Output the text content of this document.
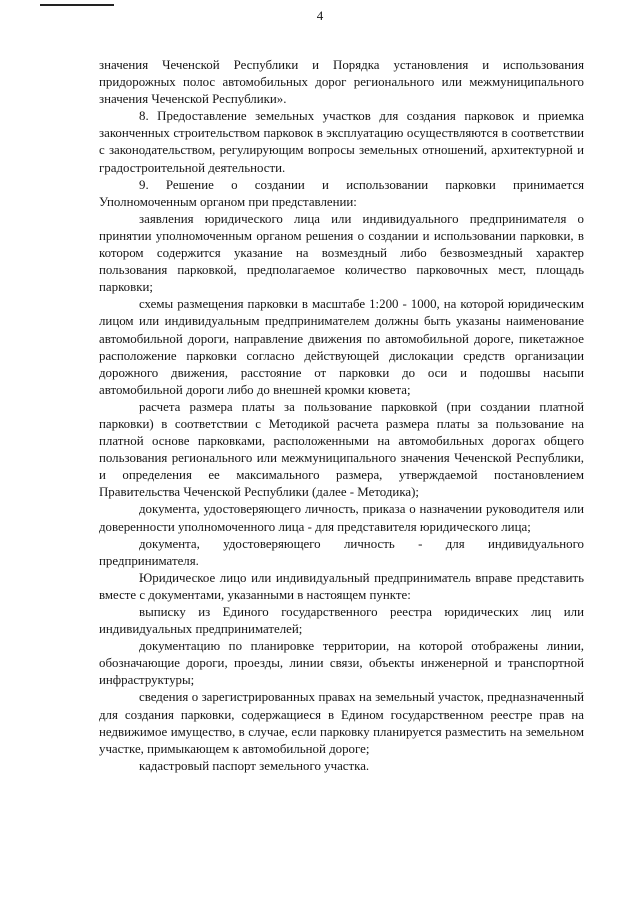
4

значения Чеченской Республики и Порядка установления и использования придорожных полос автомобильных дорог регионального или межмуниципального значения Чеченской Республики».

8. Предоставление земельных участков для создания парковок и приемка законченных строительством парковок в эксплуатацию осуществляются в соответствии с законодательством, регулирующим вопросы земельных отношений, архитектурной и градостроительной деятельности.

9. Решение о создании и использовании парковки принимается Уполномоченным органом при представлении:

заявления юридического лица или индивидуального предпринимателя о принятии уполномоченным органом решения о создании и использовании парковки, в котором содержится указание на возмездный либо безвозмездный характер пользования парковкой, предполагаемое количество парковочных мест, площадь парковки;

схемы размещения парковки в масштабе 1:200 - 1000, на которой юридическим лицом или индивидуальным предпринимателем должны быть указаны наименование автомобильной дороги, направление движения по автомобильной дороге, пикетажное расположение парковки согласно действующей дислокации средств организации дорожного движения, расстояние от парковки до оси и подошвы насыпи автомобильной дороги либо до внешней кромки кювета;

расчета размера платы за пользование парковкой (при создании платной парковки) в соответствии с Методикой расчета размера платы за пользование на платной основе парковками, расположенными на автомобильных дорогах общего пользования регионального или межмуниципального значения Чеченской Республики, и определения ее максимального размера, утверждаемой постановлением Правительства Чеченской Республики (далее - Методика);

документа, удостоверяющего личность, приказа о назначении руководителя или доверенности уполномоченного лица - для представителя юридического лица;

документа, удостоверяющего личность - для индивидуального предпринимателя.

Юридическое лицо или индивидуальный предприниматель вправе представить вместе с документами, указанными в настоящем пункте:

выписку из Единого государственного реестра юридических лиц или индивидуальных предпринимателей;

документацию по планировке территории, на которой отображены линии, обозначающие дороги, проезды, линии связи, объекты инженерной и транспортной инфраструктуры;

сведения о зарегистрированных правах на земельный участок, предназначенный для создания парковки, содержащиеся в Едином государственном реестре прав на недвижимое имущество, в случае, если парковку планируется разместить на земельном участке, примыкающем к автомобильной дороге;

кадастровый паспорт земельного участка.
